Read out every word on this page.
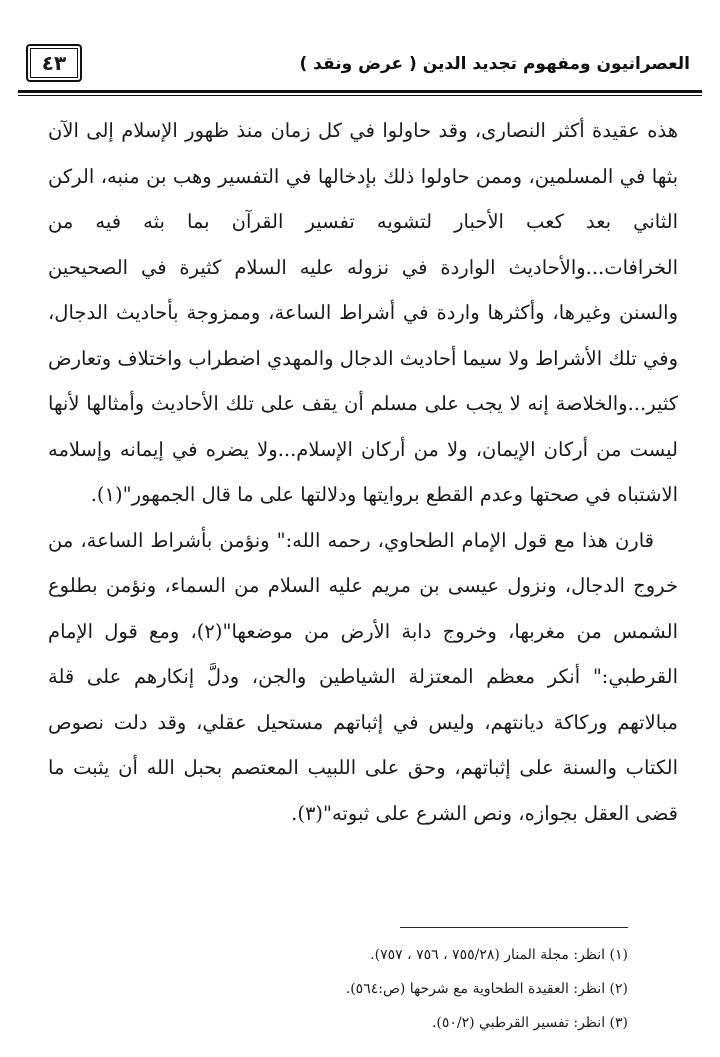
العصرانيون ومفهوم تجديد الدين ( عرض ونقد )
٤٣

هذه عقيدة أكثر النصارى، وقد حاولوا في كل زمان منذ ظهور الإسلام إلى الآن بثها في المسلمين، وممن حاولوا ذلك بإدخالها في التفسير وهب بن منبه، الركن الثاني بعد كعب الأحبار لتشويه تفسير القرآن بما بثه فيه من الخرافات...والأحاديث الواردة في نزوله عليه السلام كثيرة في الصحيحين والسنن وغيرها، وأكثرها واردة في أشراط الساعة، وممزوجة بأحاديث الدجال، وفي تلك الأشراط ولا سيما أحاديث الدجال والمهدي اضطراب واختلاف وتعارض كثير...والخلاصة إنه لا يجب على مسلم أن يقف على تلك الأحاديث وأمثالها لأنها ليست من أركان الإيمان، ولا من أركان الإسلام...ولا يضره في إيمانه وإسلامه الاشتباه في صحتها وعدم القطع بروايتها ودلالتها على ما قال الجمهور"(١).

قارن هذا مع قول الإمام الطحاوي، رحمه الله:" ونؤمن بأشراط الساعة، من خروج الدجال، ونزول عيسى بن مريم عليه السلام من السماء، ونؤمن بطلوع الشمس من مغربها، وخروج دابة الأرض من موضعها"(٢)، ومع قول الإمام القرطبي:" أنكر معظم المعتزلة الشياطين والجن، ودلَّ إنكارهم على قلة مبالاتهم وركاكة ديانتهم، وليس في إثباتهم مستحيل عقلي، وقد دلت نصوص الكتاب والسنة على إثباتهم، وحق على اللبيب المعتصم بحبل الله أن يثبت ما قضى العقل بجوازه، ونص الشرع على ثبوته"(٣).

(١) انظر: مجلة المنار (٧٥٥/٢٨ ، ٧٥٦ ، ٧٥٧).
(٢) انظر: العقيدة الطحاوية مع شرحها (ص:٥٦٤).
(٣) انظر: تفسير القرطبي (٥٠/٢).
